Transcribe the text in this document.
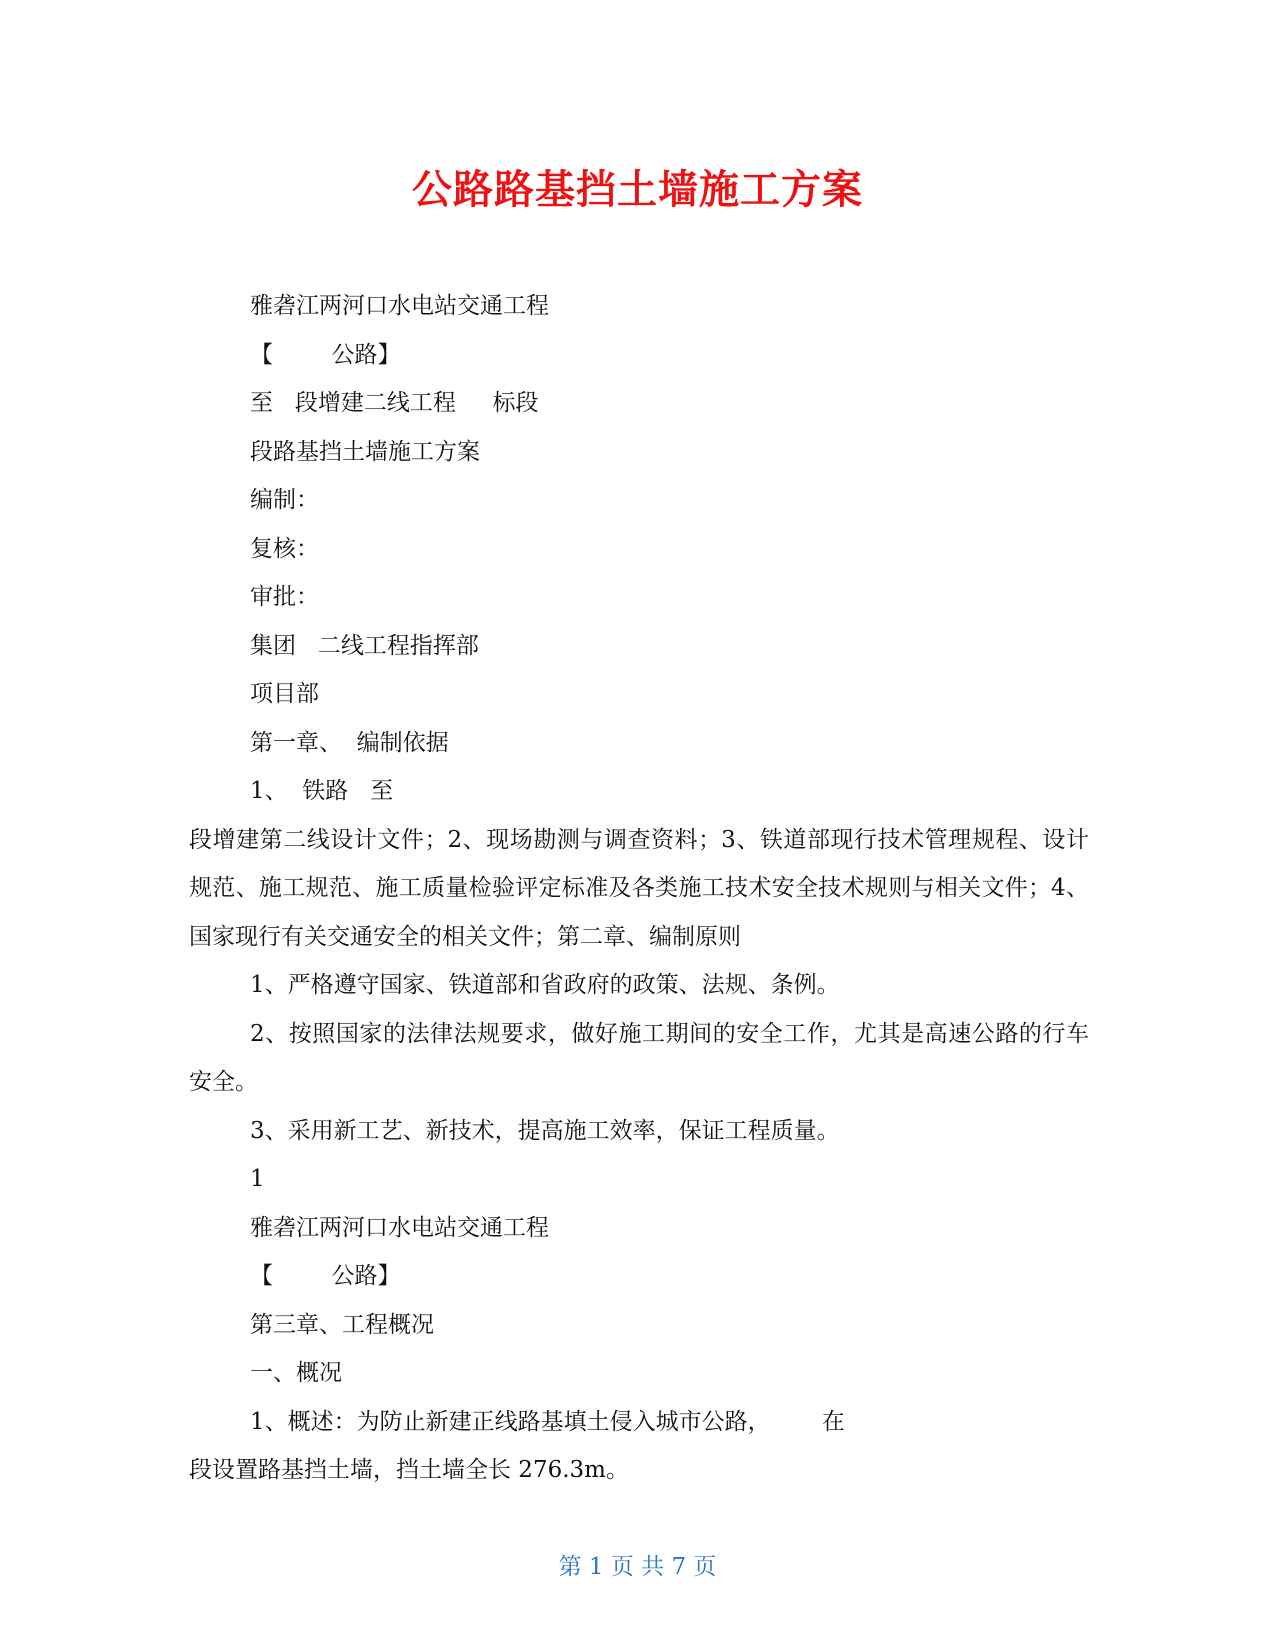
公路路基挡土墙施工方案

雅砻江两河口水电站交通工程

【        公路】

至   段增建二线工程     标段

段路基挡土墙施工方案

编制：

复核：

审批：

集团   二线工程指挥部

项目部

第一章、  编制依据

1、  铁路   至

段增建第二线设计文件；2、现场勘测与调查资料；3、铁道部现行技术管理规程、设计规范、施工规范、施工质量检验评定标准及各类施工技术安全技术规则与相关文件；4、国家现行有关交通安全的相关文件；第二章、编制原则

1、严格遵守国家、铁道部和省政府的政策、法规、条例。

2、按照国家的法律法规要求，做好施工期间的安全工作，尤其是高速公路的行车安全。

3、采用新工艺、新技术，提高施工效率，保证工程质量。

1

雅砻江两河口水电站交通工程

【        公路】

第三章、工程概况

一、概况

1、概述：为防止新建正线路基填土侵入城市公路，       在

段设置路基挡土墙，挡土墙全长 276.3m。

第 1 页 共 7 页
